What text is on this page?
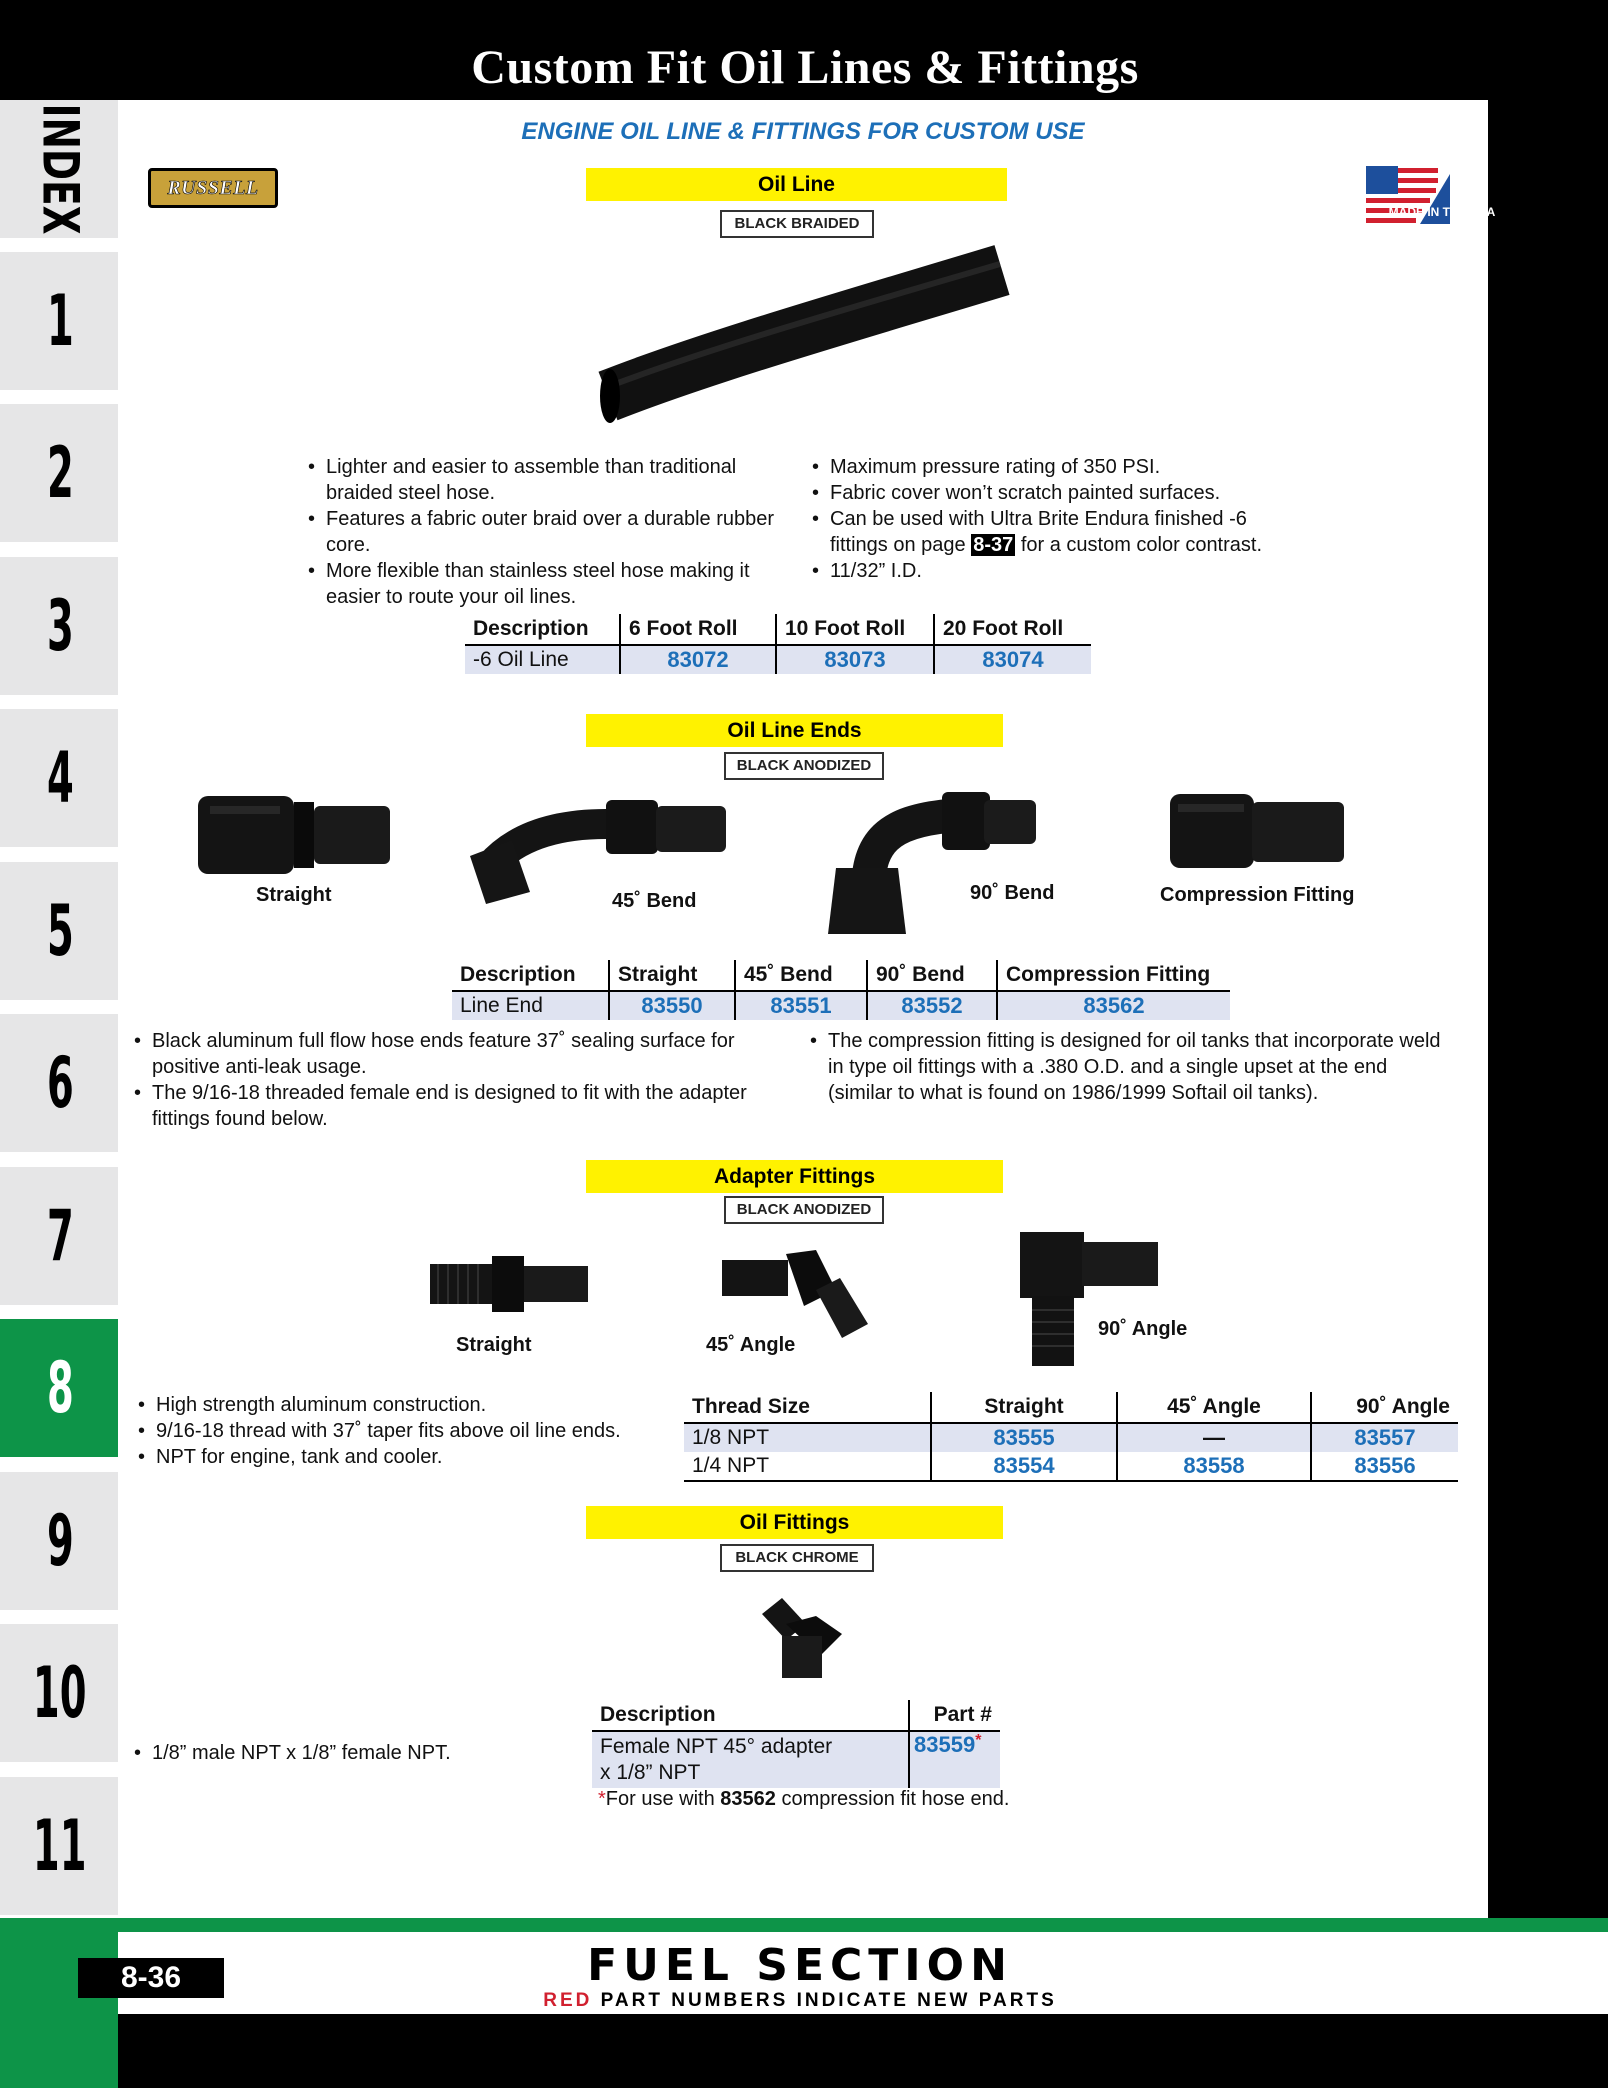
Custom Fit Oil Lines & Fittings
INDEX
1
2
3
4
5
6
7
8
9
10
11
ENGINE OIL LINE & FITTINGS FOR CUSTOM USE
RUSSELL
MADE IN THE USA
Oil Line
BLACK BRAIDED
• Lighter and easier to assemble than traditional braided steel hose.
• Features a fabric outer braid over a durable rubber core.
• More flexible than stainless steel hose making it easier to route your oil lines.
• Maximum pressure rating of 350 PSI.
• Fabric cover won’t scratch painted surfaces.
• Can be used with Ultra Brite Endura finished -6 fittings on page 8-37 for a custom color contrast.
• 11/32” I.D.
Description	6 Foot Roll	10 Foot Roll	20 Foot Roll
-6 Oil Line	83072	83073	83074
Oil Line Ends
BLACK ANODIZED
Straight	45˚ Bend	90˚ Bend	Compression Fitting
Description	Straight	45˚ Bend	90˚ Bend	Compression Fitting
Line End	83550	83551	83552	83562
• Black aluminum full flow hose ends feature 37˚ sealing surface for positive anti-leak usage.
• The 9/16-18 threaded female end is designed to fit with the adapter fittings found below.
• The compression fitting is designed for oil tanks that incorporate weld in type oil fittings with a .380 O.D. and a single upset at the end (similar to what is found on 1986/1999 Softail oil tanks).
Adapter Fittings
BLACK ANODIZED
Straight	45˚ Angle
90˚ Angle
• High strength aluminum construction.
• 9/16-18 thread with 37˚ taper fits above oil line ends.
• NPT for engine, tank and cooler.
Thread Size	Straight	45˚ Angle	90˚ Angle
1/8 NPT	83555	—	83557
1/4 NPT	83554	83558	83556
Oil Fittings
BLACK CHROME
• 1/8” male NPT x 1/8” female NPT.
Description	Part #
Female NPT 45° adapter
x 1/8” NPT	83559*
*For use with 83562 compression fit hose end.
8-36	FUEL SECTION
RED PART NUMBERS INDICATE NEW PARTS
